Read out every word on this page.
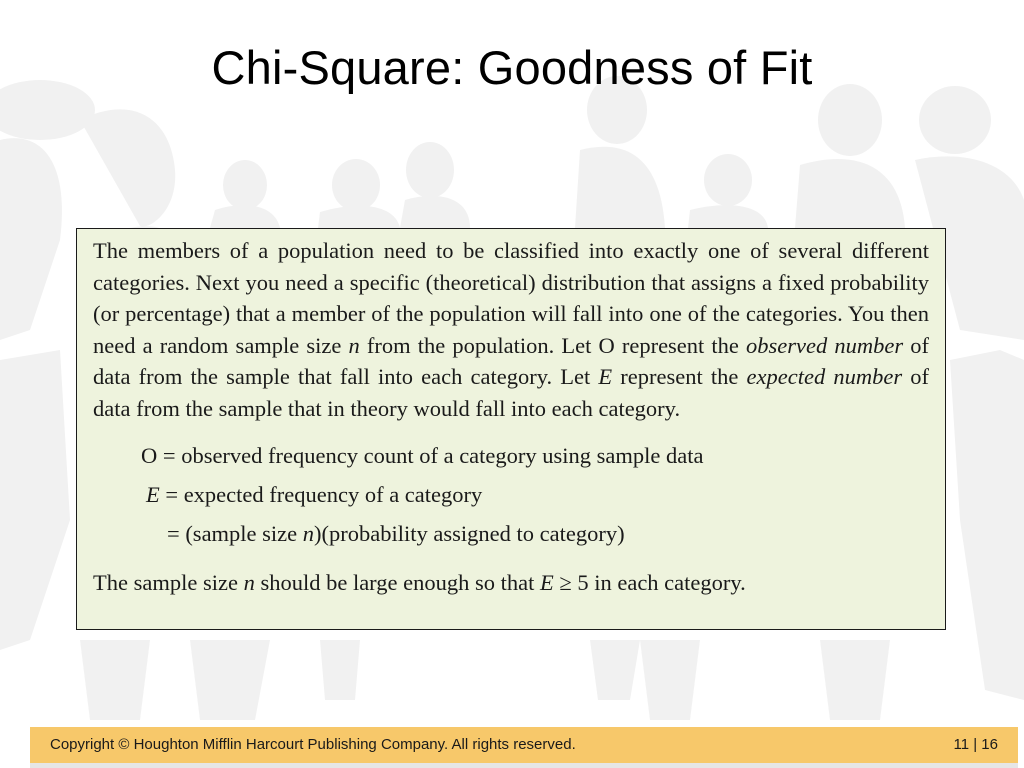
Chi-Square: Goodness of Fit

The members of a population need to be classified into exactly one of several different categories. Next you need a specific (theoretical) distribution that assigns a fixed probability (or percentage) that a member of the population will fall into one of the categories. You then need a random sample size n from the population. Let O represent the observed number of data from the sample that fall into each category. Let E represent the expected number of data from the sample that in theory would fall into each category.

O = observed frequency count of a category using sample data
E = expected frequency of a category
= (sample size n)(probability assigned to category)
The sample size n should be large enough so that E ≥ 5 in each category.
Copyright © Houghton Mifflin Harcourt Publishing Company. All rights reserved.	11 | 16
